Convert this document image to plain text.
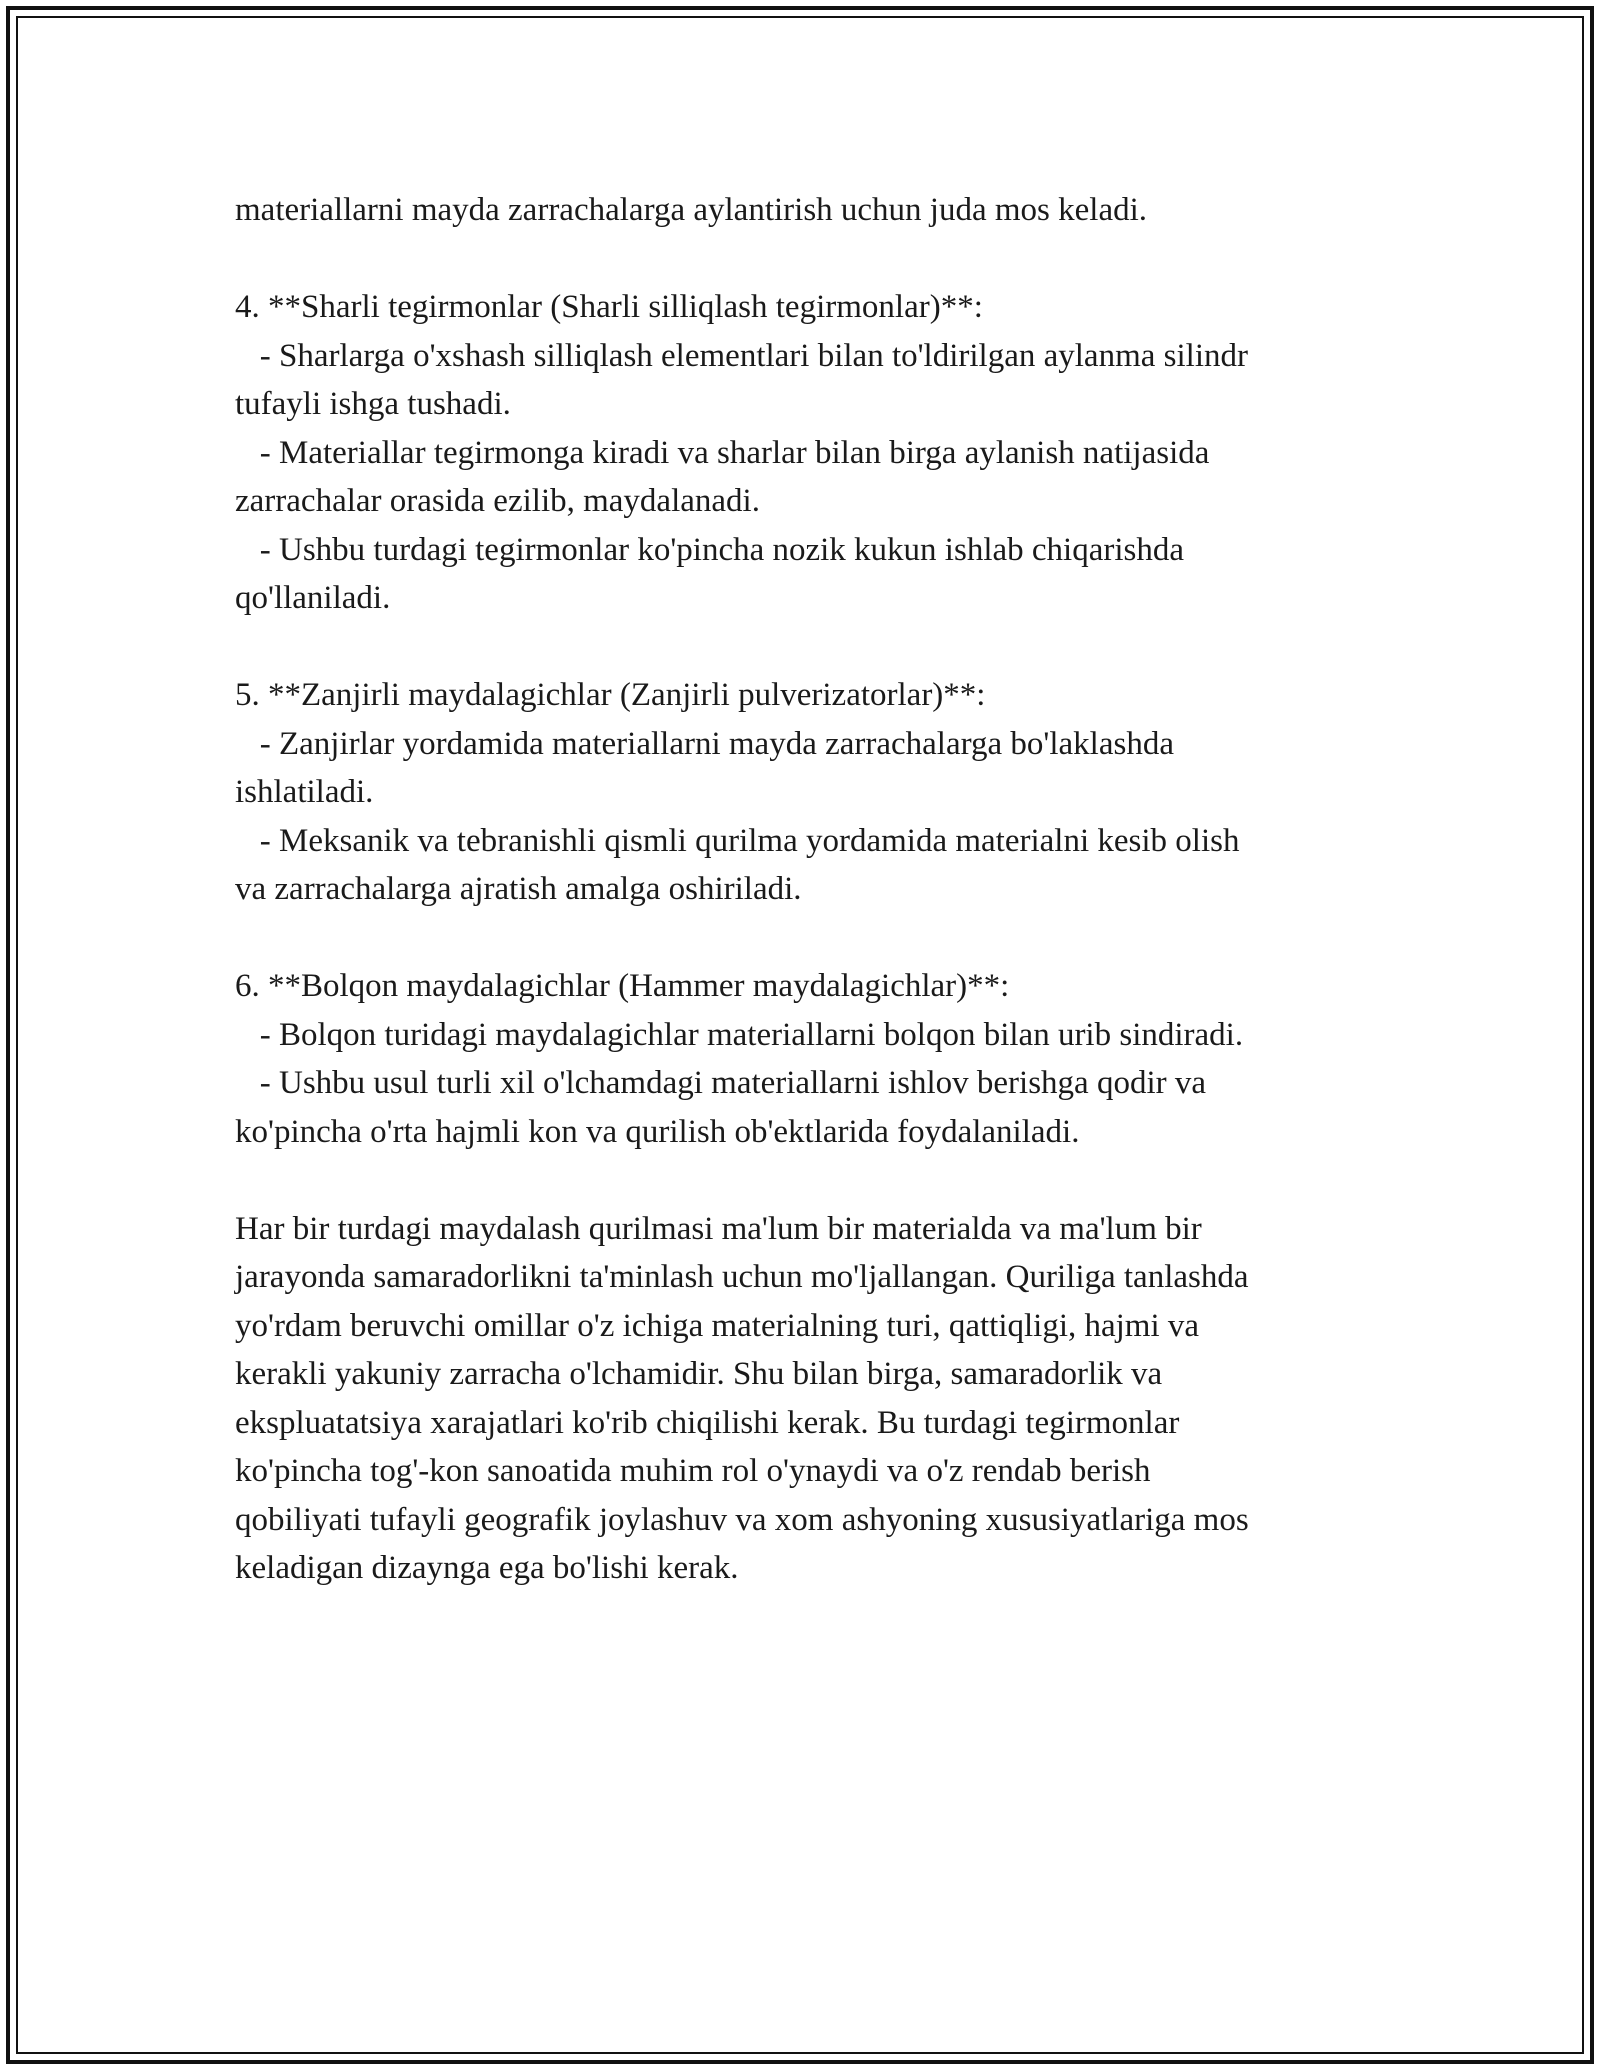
materiallarni mayda zarrachalarga aylantirish uchun juda mos keladi.

4. **Sharli tegirmonlar (Sharli silliqlash tegirmonlar)**:

- Sharlarga o'xshash silliqlash elementlari bilan to'ldirilgan aylanma silindr

tufayli ishga tushadi.

- Materiallar tegirmonga kiradi va sharlar bilan birga aylanish natijasida

zarrachalar orasida ezilib, maydalanadi.

- Ushbu turdagi tegirmonlar ko'pincha nozik kukun ishlab chiqarishda

qo'llaniladi.

5. **Zanjirli maydalagichlar (Zanjirli pulverizatorlar)**:

- Zanjirlar yordamida materiallarni mayda zarrachalarga bo'laklashda

ishlatiladi.

- Meksanik va tebranishli qismli qurilma yordamida materialni kesib olish

va zarrachalarga ajratish amalga oshiriladi.

6. **Bolqon maydalagichlar (Hammer maydalagichlar)**:

- Bolqon turidagi maydalagichlar materiallarni bolqon bilan urib sindiradi.

- Ushbu usul turli xil o'lchamdagi materiallarni ishlov berishga qodir va

ko'pincha o'rta hajmli kon va qurilish ob'ektlarida foydalaniladi.

Har bir turdagi maydalash qurilmasi ma'lum bir materialda va ma'lum bir

jarayonda samaradorlikni ta'minlash uchun mo'ljallangan. Quriliga tanlashda

yo'rdam beruvchi omillar o'z ichiga materialning turi, qattiqligi, hajmi va

kerakli yakuniy zarracha o'lchamidir. Shu bilan birga, samaradorlik va

ekspluatatsiya xarajatlari ko'rib chiqilishi kerak. Bu turdagi tegirmonlar

ko'pincha tog'-kon sanoatida muhim rol o'ynaydi va o'z rendab berish

qobiliyati tufayli geografik joylashuv va xom ashyoning xususiyatlariga mos

keladigan dizaynga ega bo'lishi kerak.
